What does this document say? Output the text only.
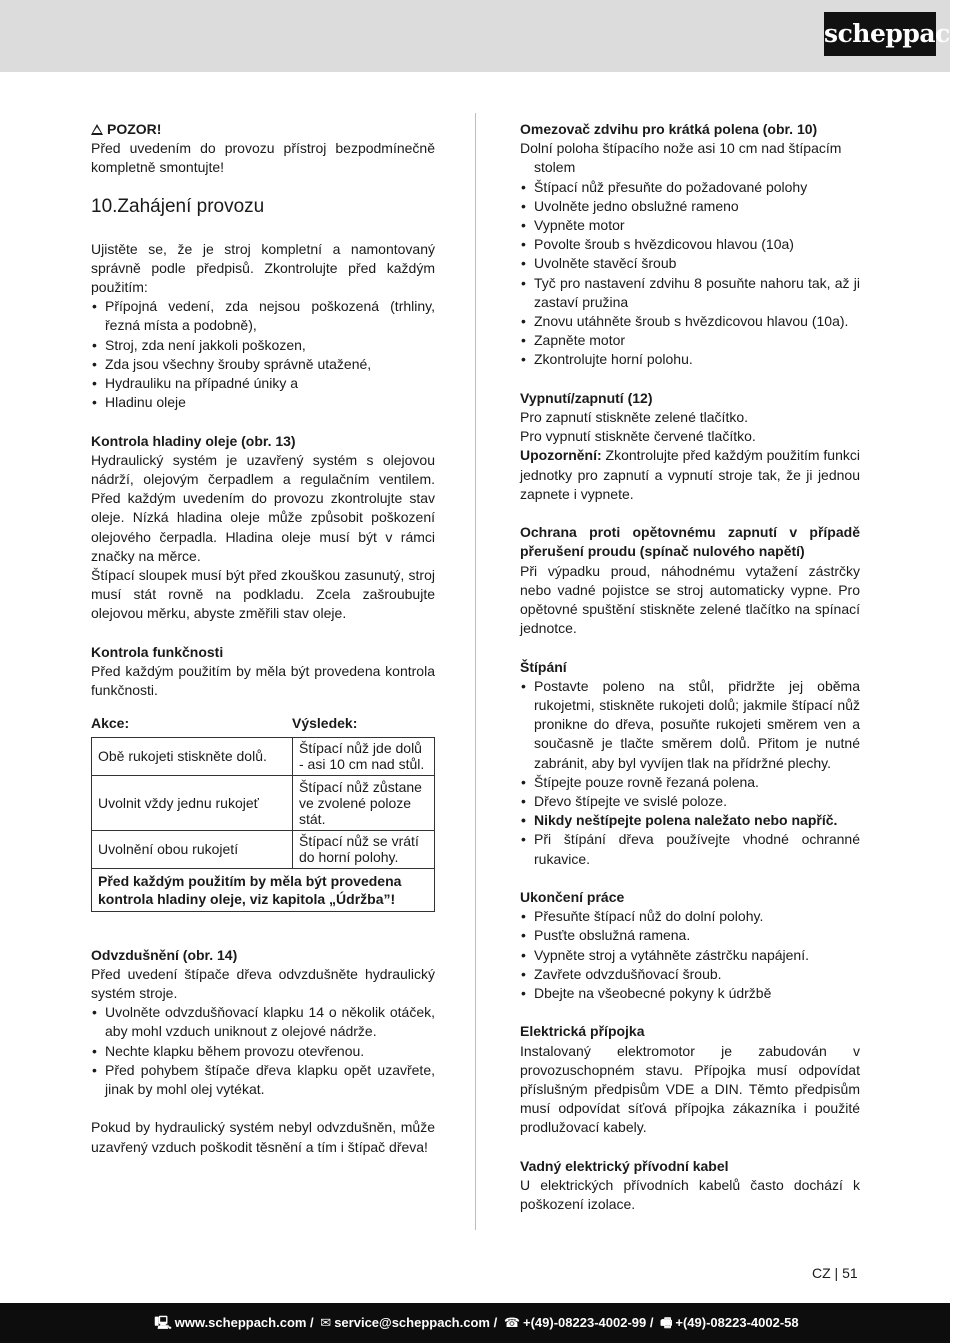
scheppach

POZOR!

Před uvedením do provozu přístroj bezpodmínečně kompletně smontujte!

10.Zahájení provozu

Ujistěte se, že je stroj kompletní a namontovaný správně podle předpisů. Zkontrolujte před každým použitím:

• Přípojná vedení, zda nejsou poškozená (trhliny, řezná místa a podobně),
• Stroj, zda není jakkoli poškozen,
• Zda jsou všechny šrouby správně utažené,
• Hydrauliku na případné úniky a
• Hladinu oleje

Kontrola hladiny oleje (obr. 13)

Hydraulický systém je uzavřený systém s olejovou nádrží, olejovým čerpadlem a regulačním ventilem. Před každým uvedením do provozu zkontrolujte stav oleje. Nízká hladina oleje může způsobit poškození olejového čerpadla. Hladina oleje musí být v rámci značky na měrce.

Štípací sloupek musí být před zkouškou zasunutý, stroj musí stát rovně na podkladu. Zcela zašroubujte olejovou měrku, abyste změřili stav oleje.

Kontrola funkčnosti

Před každým použitím by měla být provedena kontrola funkčnosti.

Akce:	Výsledek:
Obě rukojeti stiskněte dolů.	Štípací nůž jde dolů - asi 10 cm nad stůl.
Uvolnit vždy jednu rukojeť	Štípací nůž zůstane ve zvolené poloze stát.
Uvolnění obou rukojetí	Štípací nůž se vrátí do horní polohy.
Před každým použitím by měla být provedena kontrola hladiny oleje, viz kapitola „Údržba”!	

Odvzdušnění (obr. 14)

Před uvedení štípače dřeva odvzdušněte hydraulický systém stroje.

• Uvolněte odvzdušňovací klapku 14 o několik otáček, aby mohl vzduch uniknout z olejové nádrže.
• Nechte klapku během provozu otevřenou.
• Před pohybem štípače dřeva klapku opět uzavřete, jinak by mohl olej vytékat.

Pokud by hydraulický systém nebyl odvzdušněn, může uzavřený vzduch poškodit těsnění a tím i štípač dřeva!

Omezovač zdvihu pro krátká polena (obr. 10)

Dolní poloha štípacího nože asi 10 cm nad štípacím

stolem

• Štípací nůž přesuňte do požadované polohy
• Uvolněte jedno obslužné rameno
• Vypněte motor
• Povolte šroub s hvězdicovou hlavou (10a)
• Uvolněte stavěcí šroub
• Tyč pro nastavení zdvihu 8 posuňte nahoru tak, až ji zastaví pružina
• Znovu utáhněte šroub s hvězdicovou hlavou (10a).
• Zapněte motor
• Zkontrolujte horní polohu.

Vypnutí/zapnutí (12)

Pro zapnutí stiskněte zelené tlačítko.

Pro vypnutí stiskněte červené tlačítko.

Upozornění: Zkontrolujte před každým použitím funkci jednotky pro zapnutí a vypnutí stroje tak, že ji jednou zapnete i vypnete.

Ochrana proti opětovnému zapnutí v případě přerušení proudu (spínač nulového napětí)

Při výpadku proud, náhodnému vytažení zástrčky nebo vadné pojistce se stroj automaticky vypne. Pro opětovné spuštění stiskněte zelené tlačítko na spínací jednotce.

Štípání

• Postavte poleno na stůl, přidržte jej oběma rukojetmi, stiskněte rukojeti dolů; jakmile štípací nůž pronikne do dřeva, posuňte rukojeti směrem ven a současně je tlačte směrem dolů. Přitom je nutné zabránit, aby byl vyvíjen tlak na přídržné plechy.
• Štípejte pouze rovně řezaná polena.
• Dřevo štípejte ve svislé poloze.
• Nikdy neštípejte polena naležato nebo napříč.
• Při štípání dřeva používejte vhodné ochranné rukavice.

Ukončení práce

• Přesuňte štípací nůž do dolní polohy.
• Pusťte obslužná ramena.
• Vypněte stroj a vytáhněte zástrčku napájení.
• Zavřete odvzdušňovací šroub.
• Dbejte na všeobecné pokyny k údržbě

Elektrická přípojka

Instalovaný elektromotor je zabudován v provozuschopném stavu. Přípojka musí odpovídat příslušným předpisům VDE a DIN. Těmto předpisům musí odpovídat síťová přípojka zákazníka i použité prodlužovací kabely.

Vadný elektrický přívodní kabel

U elektrických přívodních kabelů často dochází k poškození izolace.

CZ | 51
🖳 www.scheppach.com / ✉ service@scheppach.com / ☎ +(49)-08223-4002-99 / 🖷 +(49)-08223-4002-58
